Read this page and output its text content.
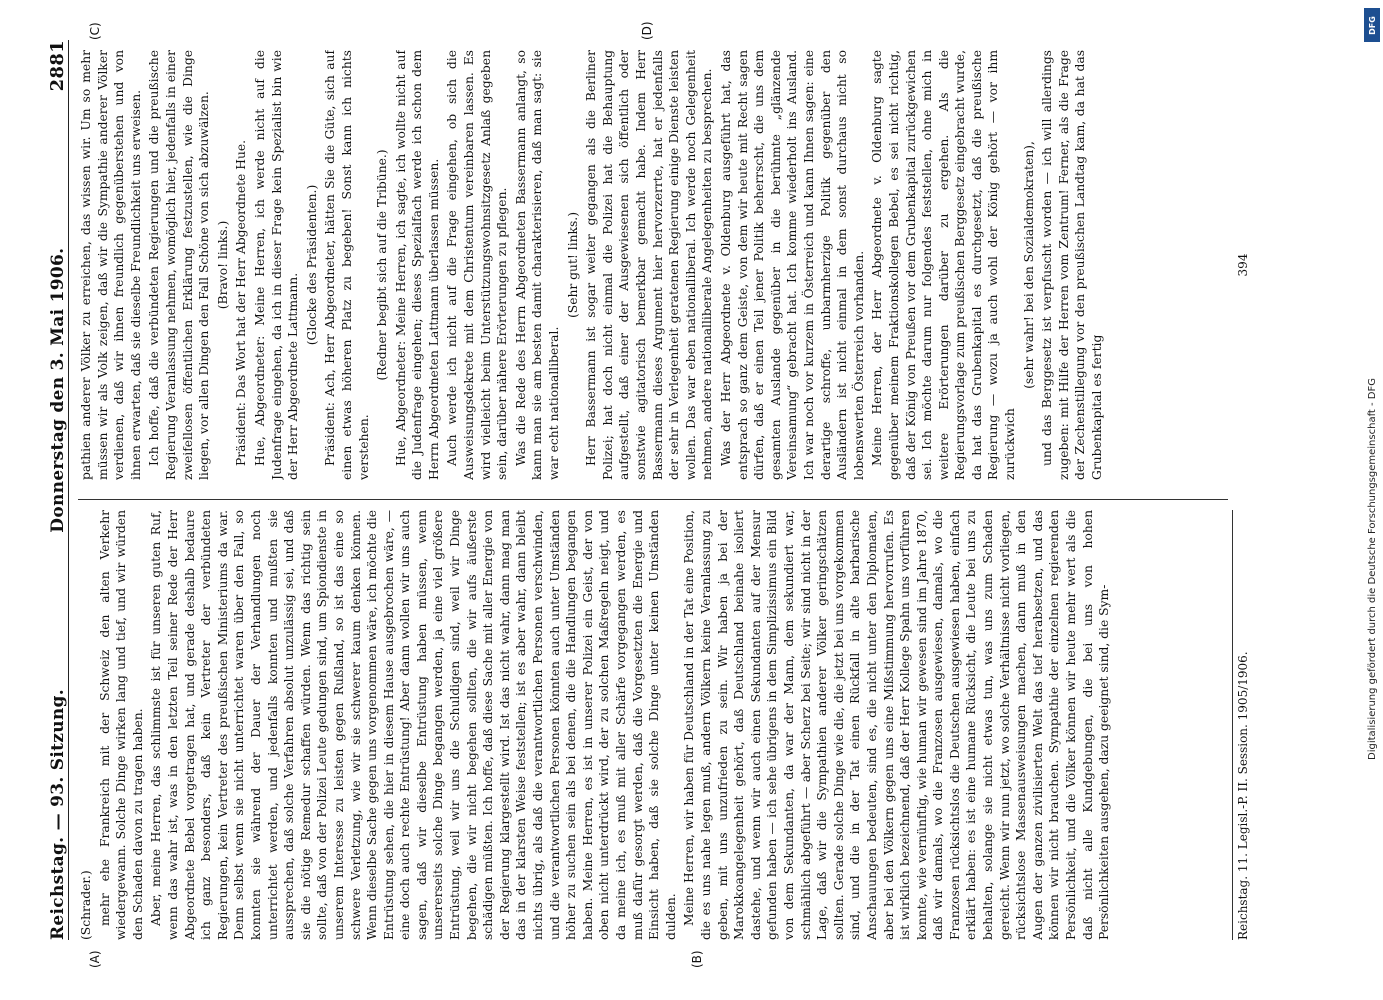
Reichstag. — 93. Sitzung.
Donnerstag den 3. Mai 1906.
2881
(A)	(B)
(C)	(D)

(Schrader.) mehr ehe Frankreich mit der Schweiz den alten Verkehr wiedergewann. Solche Dinge wirken lang und tief, und wir würden den Schaden davon zu tragen haben. Aber, meine Herren, das schlimmste ist für unseren guten Ruf, wenn das wahr ist, was in den letzten Teil seiner Rede der Herr Abgeordnete Bebel vorgetragen hat, und gerade deshalb bedaure ich ganz besonders, daß kein Vertreter der verbündeten Regierungen, kein Vertreter des preußischen Ministeriums da war. Denn selbst wenn sie nicht unterrichtet waren über den Fall, so konnten sie während der Dauer der Verhandlungen noch unterrichtet werden, und jedenfalls konnten und mußten sie aussprechen, daß solche Verfahren absolut unzulässig sei, und daß sie die nötige Remedur schaffen würden. Wenn das richtig sein sollte, daß von der Polizei Leute gedungen sind, um Spiondienste in unserem Interesse zu leisten gegen Rußland, so ist das eine so schwere Verletzung, wie wir sie schwerer kaum denken können. Wenn dieselbe Sache gegen uns vorgenommen wäre, ich möchte die Entrüstung sehen, die hier in diesem Hause ausgebrochen wäre, — eine doch auch rechte Entrüstung! Aber dann wollen wir uns auch sagen, daß wir dieselbe Entrüstung haben müssen, wenn unsererseits solche Dinge begangen werden, ja eine viel größere Entrüstung, weil wir uns die Schuldigen sind, weil wir Dinge begehen, die wir nicht begehen sollten, die wir aufs äußerste schädigen müßten. Ich hoffe, daß diese Sache mit aller Energie von der Regierung klargestellt wird. Ist das nicht wahr, dann mag man das in der klarsten Weise feststellen; ist es aber wahr, dann bleibt nichts übrig, als daß die verantwortlichen Personen verschwinden, und die verantwortlichen Personen könnten auch unter Umständen höher zu suchen sein als bei denen, die die Handlungen begangen haben. Meine Herren, es ist in unserer Polizei ein Geist, der von oben nicht unterdrückt wird, der zu solchen Maßregeln neigt, und da meine ich, es muß mit aller Schärfe vorgegangen werden, es muß dafür gesorgt werden, daß die Vorgesetzten die Energie und Einsicht haben, daß sie solche Dinge unter keinen Umständen dulden. Meine Herren, wir haben für Deutschland in der Tat eine Position, die es uns nahe legen muß, andern Völkern keine Veranlassung zu geben, mit uns unzufrieden zu sein. Wir haben ja bei der Marokkoangelegenheit gehört, daß Deutschland beinahe isoliert dastehe, und wenn wir auch einen Sekundanten auf der Mensur gefunden haben — ich sehe übrigens in dem Simplizissimus ein Bild von dem Sekundanten, da war der Mann, dem sekundiert war, schmählich abgeführt — aber Scherz bei Seite; wir sind nicht in der Lage, daß wir die Sympathien anderer Völker geringschätzen sollten. Gerade solche Dinge wie die, die jetzt bei uns vorgekommen sind, und die in der Tat einen Rückfall in alte barbarische Anschauungen bedeuten, sind es, die nicht unter den Diplomaten, aber bei den Völkern gegen uns eine Mißstimmung hervorrufen. Es ist wirklich bezeichnend, daß der Herr Kollege Spahn uns vorführen konnte, wie vernünftig, wie human wir gewesen sind im Jahre 1870, daß wir damals, wo die Franzosen ausgewiesen, damals, wo die Franzosen rücksichtslos die Deutschen ausgewiesen haben, einfach erklärt haben: es ist eine humane Rücksicht, die Leute bei uns zu behalten, solange sie nicht etwas tun, was uns zum Schaden gereicht. Wenn wir nun jetzt, wo solche Verhältnisse nicht vorliegen, rücksichtslose Massenausweisungen machen, dann muß in den Augen der ganzen zivilisierten Welt das tief herabsetzen, und das können wir nicht brauchen. Sympathie der einzelnen regierenden Persönlichkeit, und die Völker können wir heute mehr wert als die daß nicht alle Kundgebungen, die bei uns von hohen Persönlichkeiten ausgehen, dazu geeignet sind, die Sym-

pathien anderer Völker zu erreichen, das wissen wir. Um so mehr müssen wir als Volk zeigen, daß wir die Sympathie anderer Völker verdienen, daß wir ihnen freundlich gegenüberstehen und von ihnen erwarten, daß sie dieselbe Freundlichkeit uns erweisen. Ich hoffe, daß die verbündeten Regierungen und die preußische Regierung Veranlassung nehmen, womöglich hier, jedenfalls in einer zweifellosen öffentlichen Erklärung festzustellen, wie die Dinge liegen, vor allen Dingen den Fall Schöne von sich abzuwälzen. (Bravo! links.) Präsident: Das Wort hat der Herr Abgeordnete Hue. Hue, Abgeordneter: Meine Herren, ich werde nicht auf die Judenfrage eingehen, da ich in dieser Frage kein Spezialist bin wie der Herr Abgeordnete Lattmann.

(Glocke des Präsidenten.) Präsident: Ach, Herr Abgeordneter, hätten Sie die Güte, sich auf einen etwas höheren Platz zu begeben! Sonst kann ich nichts verstehen.

(Redner begibt sich auf die Tribüne.) Hue, Abgeordneter: Meine Herren, ich sagte, ich wollte nicht auf die Judenfrage eingehen; dieses Spezialfach werde ich schon dem Herrn Abgeordneten Lattmann überlassen müssen. Auch werde ich nicht auf die Frage eingehen, ob sich die Ausweisungsdekrete mit dem Christentum vereinbaren lassen. Es wird vielleicht beim Unterstützungswohnsitzgesetz Anlaß gegeben sein, darüber nähere Erörterungen zu pflegen. Was die Rede des Herrn Abgeordneten Bassermann anlangt, so kann man sie am besten damit charakterisieren, daß man sagt: sie war echt nationalliberal.

(Sehr gut! links.) Herr Bassermann ist sogar weiter gegangen als die Berliner Polizei; hat doch nicht einmal die Polizei hat die Behauptung aufgestellt, daß einer der Ausgewiesenen sich öffentlich oder sonstwie agitatorisch bemerkbar gemacht habe. Indem Herr Bassermann dieses Argument hier hervorzerrte, hat er jedenfalls der sehr in Verlegenheit geratenen Regierung einige Dienste leisten wollen. Das war eben nationalliberal. Ich werde noch Gelegenheit nehmen, andere nationalliberale Angelegenheiten zu besprechen. Was der Herr Abgeordnete v. Oldenburg ausgeführt hat, das entsprach so ganz dem Geiste, von dem wir heute mit Recht sagen dürfen, daß er einen Teil jener Politik beherrscht, die uns dem gesamten Auslande gegenüber in die berühmte „glänzende Vereinsamung“ gebracht hat. Ich komme wiederholt ins Ausland. Ich war noch vor kurzem in Österreich und kann Ihnen sagen: eine derartige schroffe, unbarmherzige Politik gegenüber den Ausländern ist nicht einmal in dem sonst durchaus nicht so lobenswerten Österreich vorhanden. Meine Herren, der Herr Abgeordnete v. Oldenburg sagte gegenüber meinem Fraktionskollegen Bebel, es sei nicht richtig, daß der König von Preußen vor dem Grubenkapital zurückgewichen sei. Ich möchte darum nur folgendes feststellen, ohne mich in weitere Erörterungen darüber zu ergehen. Als die Regierungsvorlage zum preußischen Berggesetz eingebracht wurde, da hat das Grubenkapital es durchgesetzt, daß die preußische Regierung — wozu ja auch wohl der König gehört — vor ihm zurückwich

(sehr wahr! bei den Sozialdemokraten), und das Berggesetz ist verpfuscht worden — ich will allerdings zugeben: mit Hilfe der Herren vom Zentrum! Ferner, als die Frage der Zechenstillegung vor den preußischen Landtag kam, da hat das Grubenkapital es fertig

Reichstag. 11. Legisl.-P. II. Session. 1905/1906.
394
DFG
Digitalisierung gefördert durch die Deutsche Forschungsgemeinschaft - DFG
